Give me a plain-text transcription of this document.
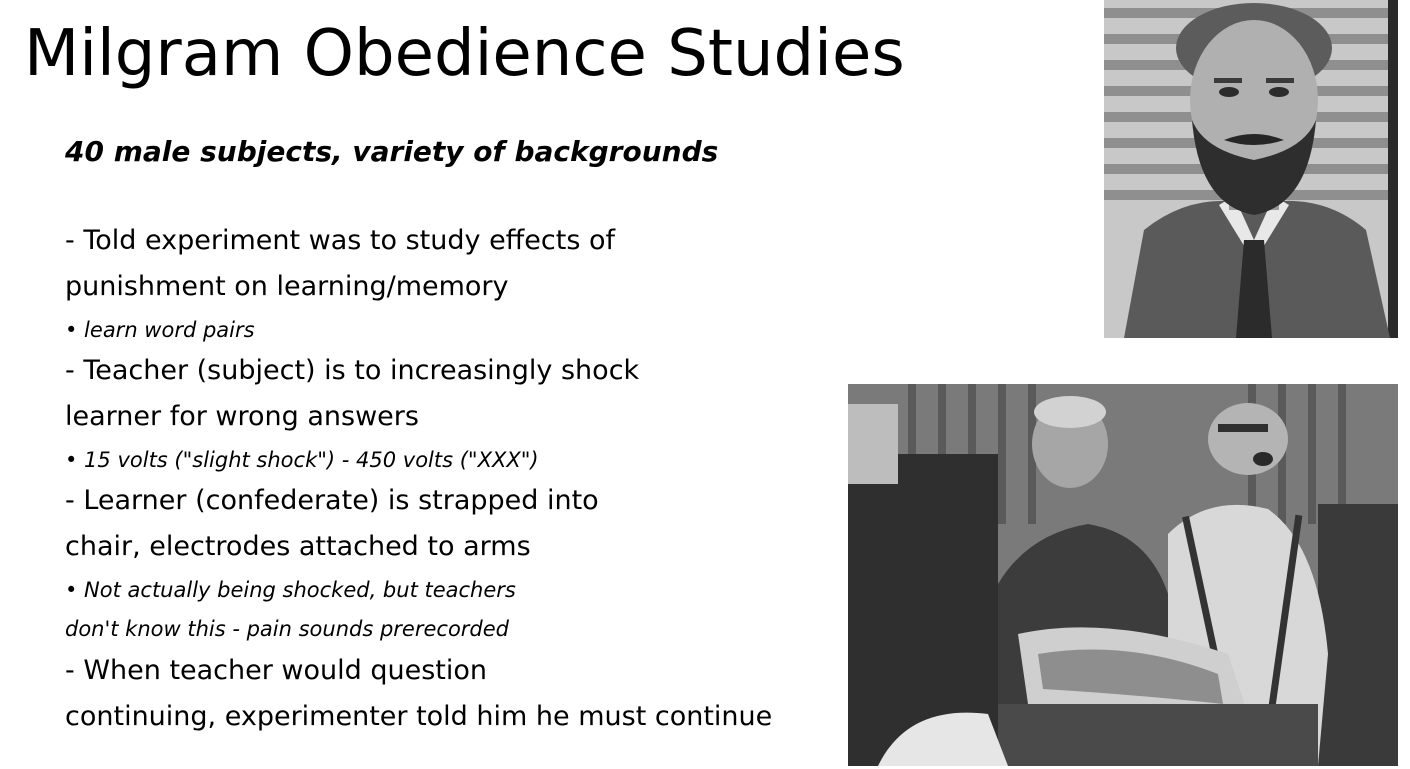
Milgram Obedience Studies
40 male subjects, variety of backgrounds
- Told experiment was to study effects of
punishment on learning/memory
• learn word pairs
- Teacher (subject) is to increasingly shock
learner for wrong answers
• 15 volts ("slight shock") - 450 volts ("XXX")
- Learner (confederate) is strapped into
chair, electrodes attached to arms
• Not actually being shocked, but teachers
don't know this - pain sounds prerecorded
- When teacher would question
continuing, experimenter told him he must continue
